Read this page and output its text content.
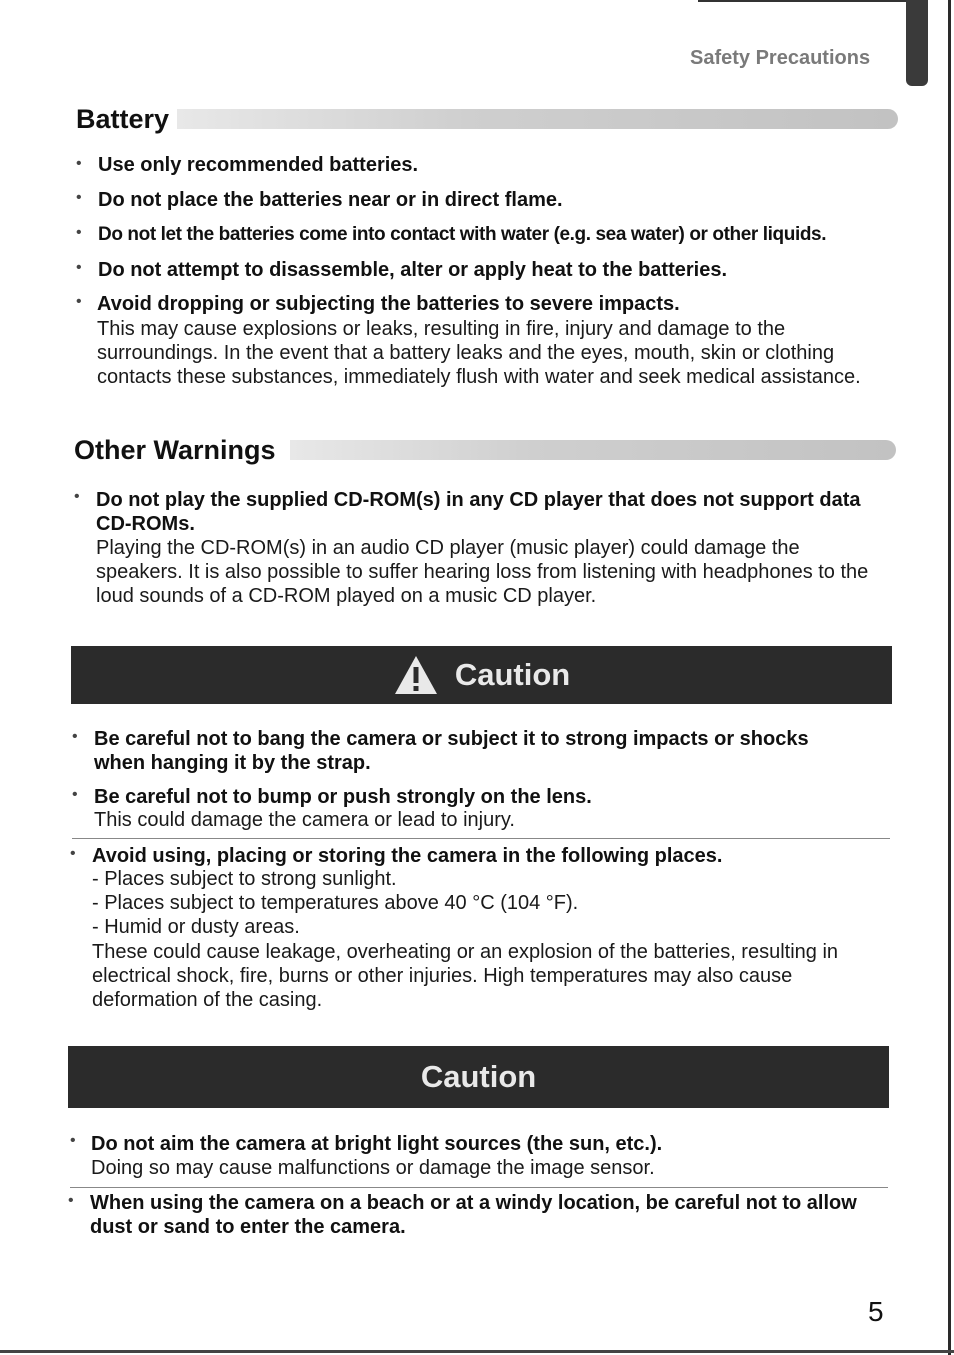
Safety Precautions
Battery
• Use only recommended batteries.
• Do not place the batteries near or in direct flame.
• Do not let the batteries come into contact with water (e.g. sea water) or other liquids.
• Do not attempt to disassemble, alter or apply heat to the batteries.
• Avoid dropping or subjecting the batteries to severe impacts.
This may cause explosions or leaks, resulting in fire, injury and damage to the surroundings. In the event that a battery leaks and the eyes, mouth, skin or clothing contacts these substances, immediately flush with water and seek medical assistance.
Other Warnings
• Do not play the supplied CD-ROM(s) in any CD player that does not support data CD-ROMs.
Playing the CD-ROM(s) in an audio CD player (music player) could damage the speakers. It is also possible to suffer hearing loss from listening with headphones to the loud sounds of a CD-ROM played on a music CD player.
Caution
• Be careful not to bang the camera or subject it to strong impacts or shocks when hanging it by the strap.
• Be careful not to bump or push strongly on the lens.
This could damage the camera or lead to injury.
• Avoid using, placing or storing the camera in the following places.
- Places subject to strong sunlight.
- Places subject to temperatures above 40 °C (104 °F).
- Humid or dusty areas.
These could cause leakage, overheating or an explosion of the batteries, resulting in electrical shock, fire, burns or other injuries. High temperatures may also cause deformation of the casing.
Caution
• Do not aim the camera at bright light sources (the sun, etc.).
Doing so may cause malfunctions or damage the image sensor.
• When using the camera on a beach or at a windy location, be careful not to allow dust or sand to enter the camera.
5
